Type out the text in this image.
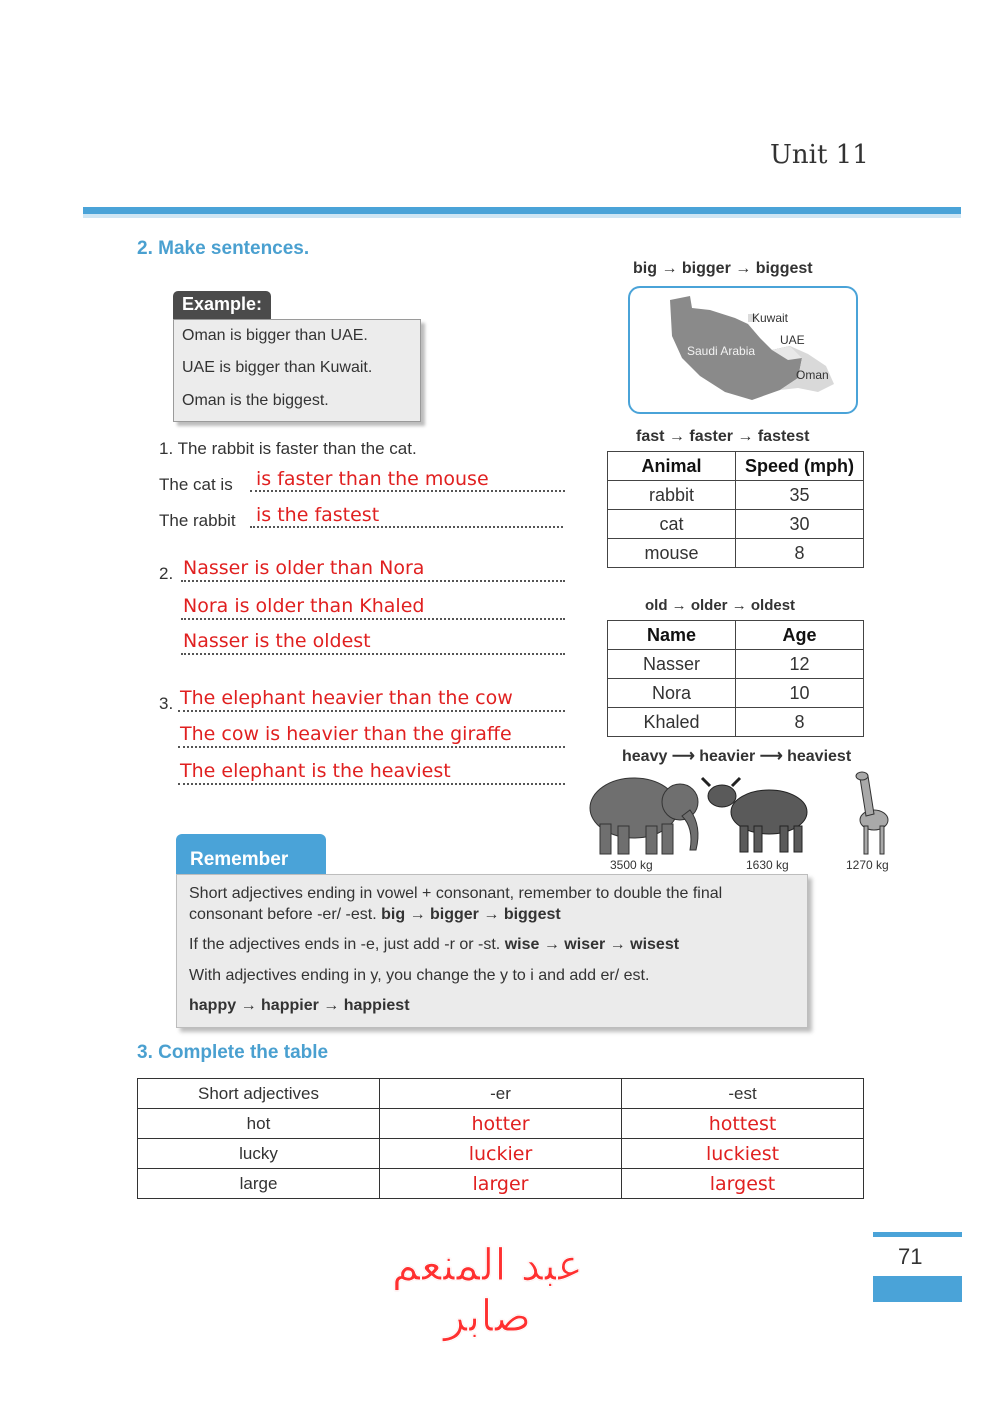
Unit 11
2. Make sentences.
Example:
Oman is bigger than UAE.
UAE is bigger than Kuwait.
Oman is the biggest.
1. The rabbit is faster than the cat.
The cat is is faster than the mouse
The rabbit is the fastest
2. Nasser is older than Nora
Nora is older than Khaled
Nasser is the oldest
3. The elephant heavier than the cow
The cow is heavier than the giraffe
The elephant is the heaviest
big → bigger → biggest
Kuwait
UAE
Saudi Arabia
Oman
fast → faster → fastest
Animal	Speed (mph)
rabbit	35
cat	30
mouse	8
old → older → oldest
Name	Age
Nasser	12
Nora	10
Khaled	8
heavy ⟶ heavier ⟶ heaviest
3500 kg	1630 kg	1270 kg
Remember
Short adjectives ending in vowel + consonant, remember to double the final
consonant before -er/ -est. big → bigger → biggest
If the adjectives ends in -e, just add -r or -st. wise → wiser → wisest
With adjectives ending in y, you change the y to i and add er/ est.
happy → happier → happiest
3. Complete the table
Short adjectives	-er	-est
hot	hotter	hottest
lucky	luckier	luckiest
large	larger	largest
عبد المنعم صابر
71
